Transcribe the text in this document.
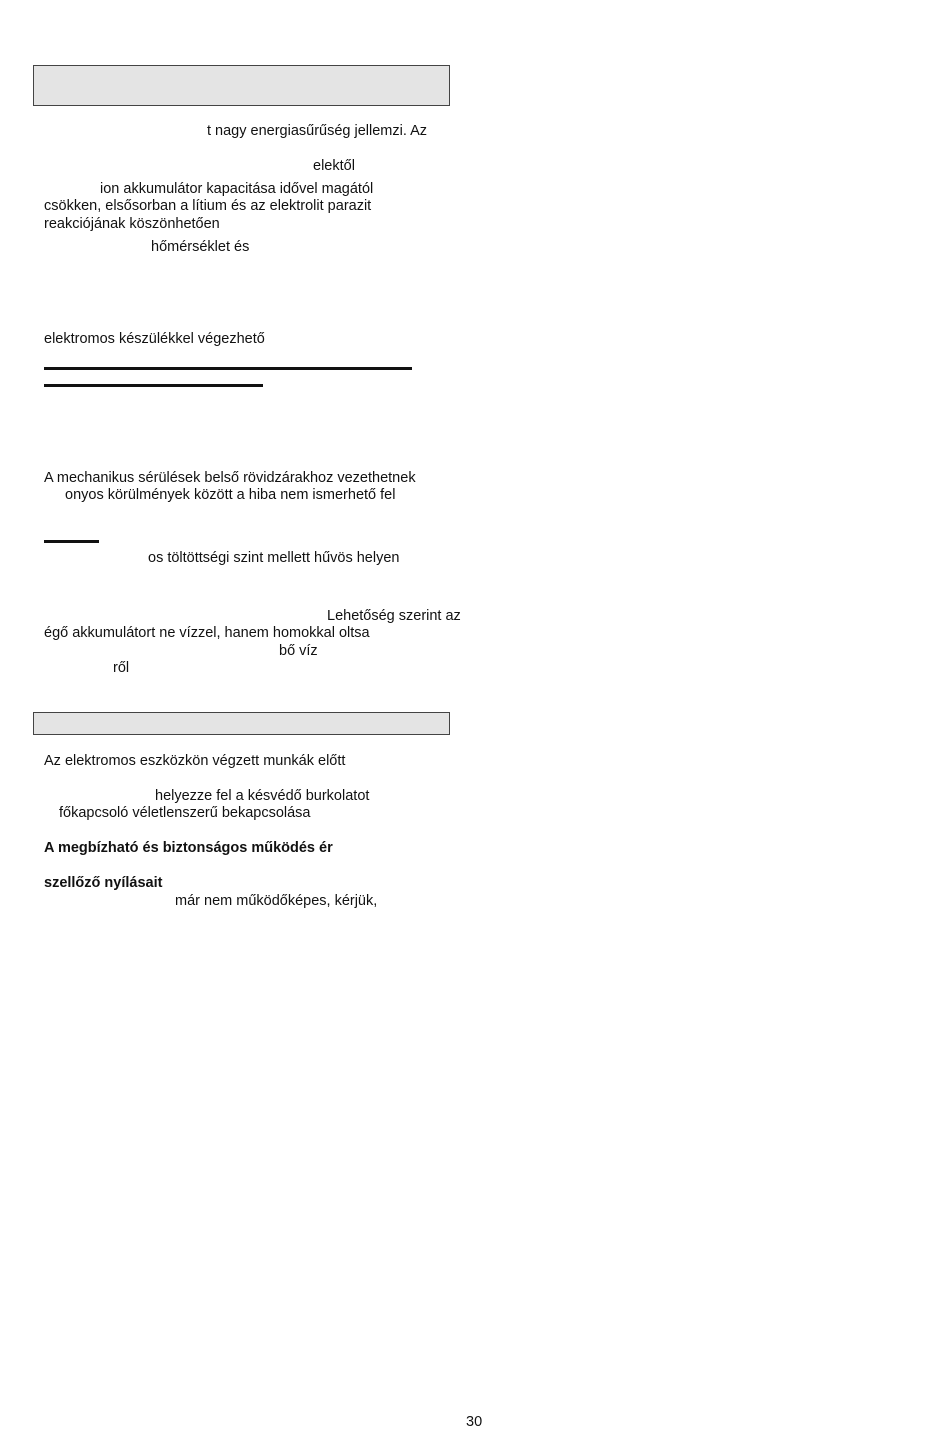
t nagy energiasűrűség jellemzi. Az
elektől
ion akkumulátor kapacitása idővel magától
csökken, elsősorban a lítium és az elektrolit parazit
reakciójának köszönhetően
hőmérséklet és
elektromos készülékkel végezhető
A mechanikus sérülések belső rövidzárakhoz vezethetnek
onyos körülmények között a hiba nem ismerhető fel
os töltöttségi szint mellett hűvös helyen
Lehetőség szerint az
égő akkumulátort ne vízzel, hanem homokkal oltsa
bő víz
ről
Az elektromos eszközkön végzett munkák előtt
helyezze fel a késvédő burkolatot
főkapcsoló véletlenszerű bekapcsolása
A megbízható és biztonságos működés ér
szellőző nyílásait
már nem működőképes, kérjük,
30
